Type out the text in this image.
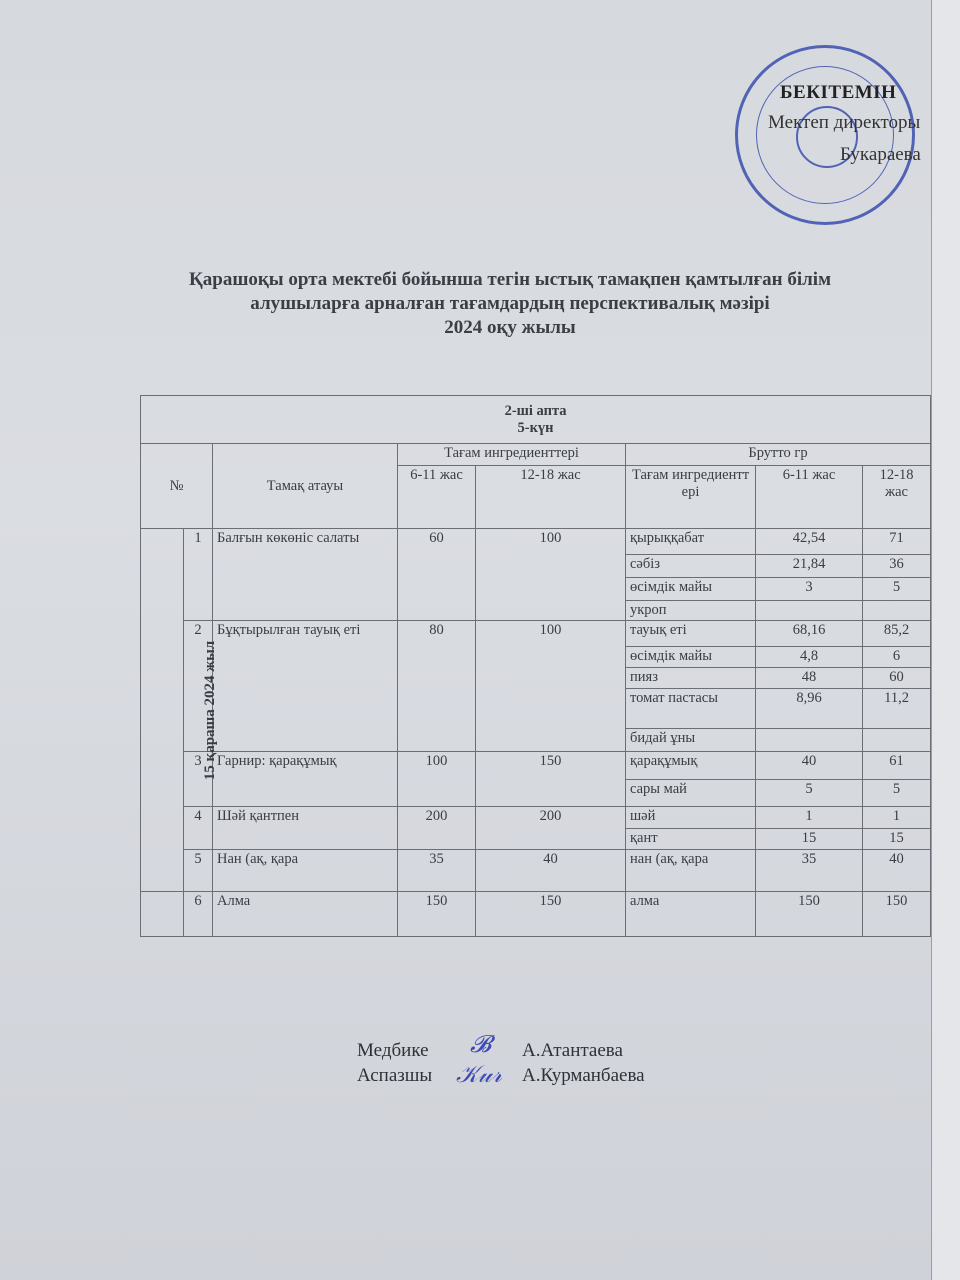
БЕКІТЕМІН
Мектеп директоры
Букараева
Қарашоқы орта мектебі бойынша тегін ыстық тамақпен қамтылған білім
алушыларға арналған тағамдардың перспективалық мәзірі
2024 оқу жылы
2-ші апта
5-күн							

№		Тамақ атауы	Тағам ингредиенттері		Брутто гр		
			6-11 жас	12-18 жас	Тағам ингредиентт ері	6-11 жас	12-18 жас
15 қараша 2024 жыл	1	Балғын көкөніс салаты	60	100	қырыққабат	42,54	71
					сәбіз	21,84	36
					өсімдік майы	3	5
					укроп		
	2	Бұқтырылған тауық еті	80	100	тауық еті	68,16	85,2
					өсімдік майы	4,8	6
					пияз	48	60
					томат пастасы	8,96	11,2
					бидай ұны		
	3	Гарнир: қарақұмық	100	150	қарақұмық	40	61
					сары май	5	5
	4	Шәй қантпен	200	200	шәй	1	1
					қант	15	15
	5	Нан (ақ, қара	35	40	нан (ақ, қара	35	40
	6	Алма	150	150	алма	150	150
Медбике 𝓑 А.Атантаева
Аспазшы 𝒦𝓊𝓇 А.Курманбаева
